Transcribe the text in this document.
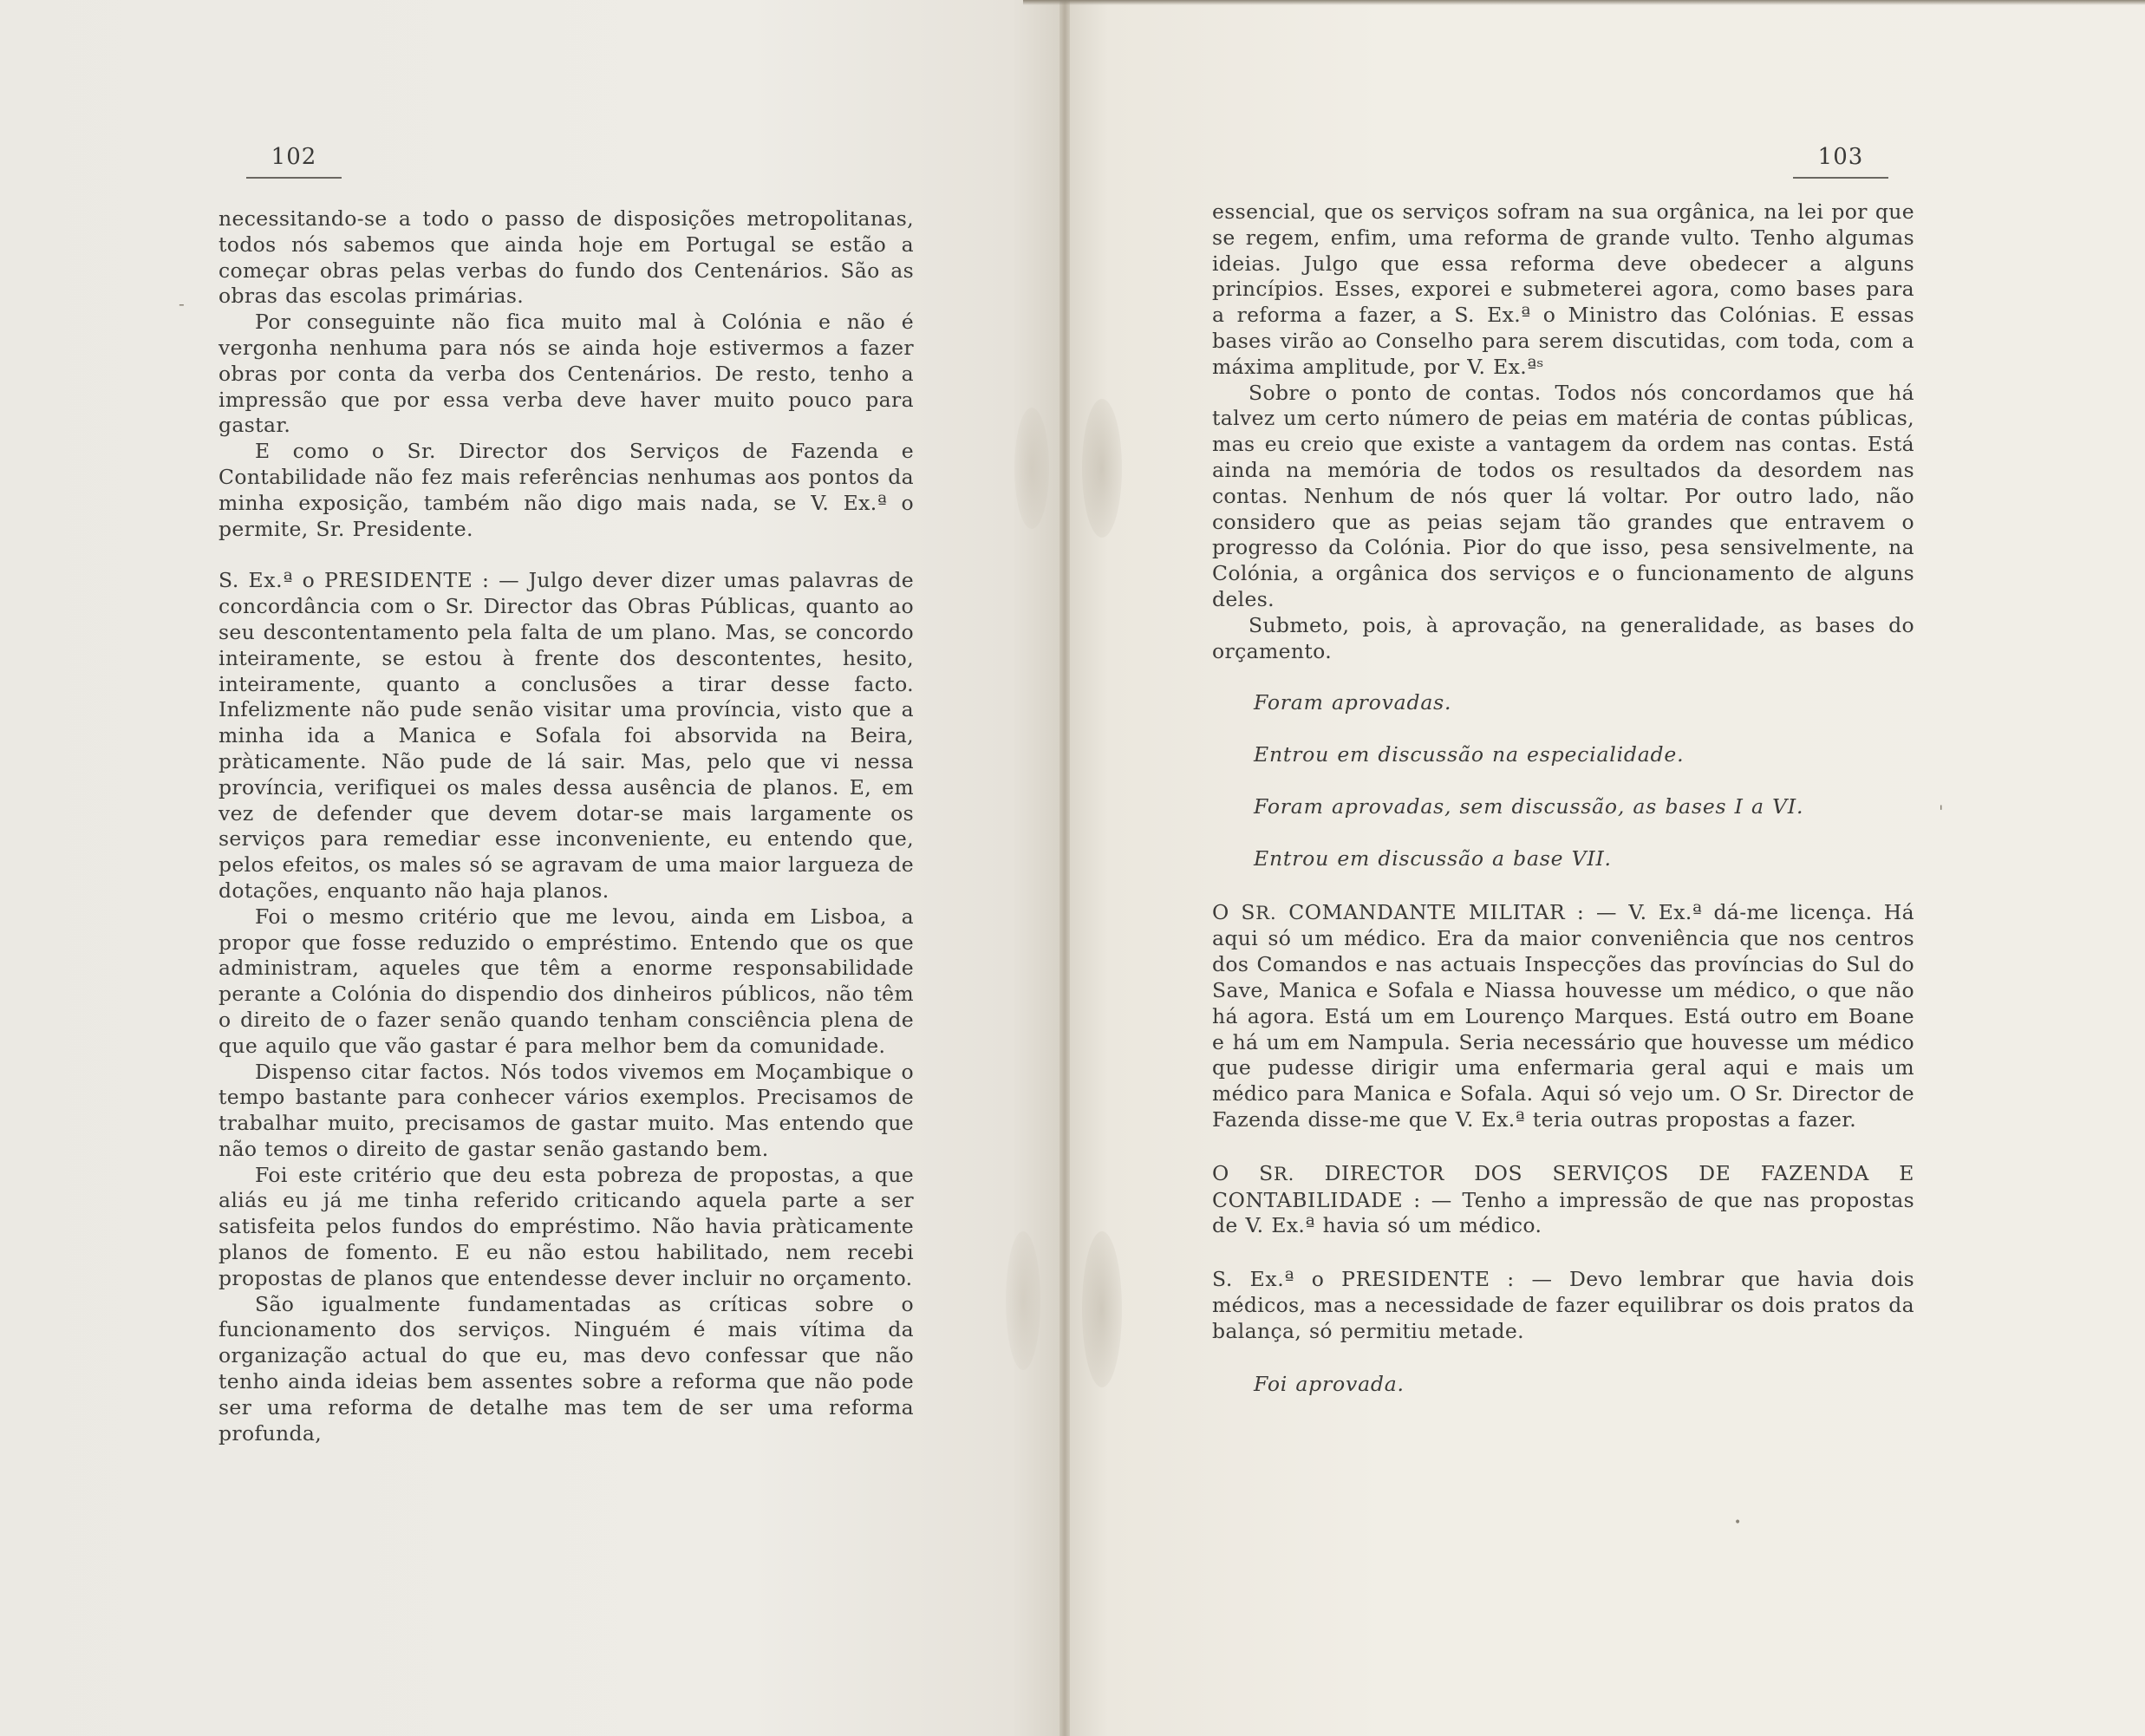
102

necessitando-se a todo o passo de disposições metropolitanas, todos nós sabemos que ainda hoje em Portugal se estão a começar obras pelas verbas do fundo dos Centenários. São as obras das escolas primárias.

Por conseguinte não fica muito mal à Colónia e não é vergonha nenhuma para nós se ainda hoje estivermos a fazer obras por conta da verba dos Centenários. De resto, tenho a impressão que por essa verba deve haver muito pouco para gastar.

E como o Sr. Director dos Serviços de Fazenda e Contabilidade não fez mais referências nenhumas aos pontos da minha exposição, também não digo mais nada, se V. Ex.ª o permite, Sr. Presidente.

S. Ex.ª o PRESIDENTE : — Julgo dever dizer umas palavras de concordância com o Sr. Director das Obras Públicas, quanto ao seu descontentamento pela falta de um plano. Mas, se concordo inteiramente, se estou à frente dos descontentes, hesito, inteiramente, quanto a conclusões a tirar desse facto. Infelizmente não pude senão visitar uma província, visto que a minha ida a Manica e Sofala foi absorvida na Beira, pràticamente. Não pude de lá sair. Mas, pelo que vi nessa província, verifiquei os males dessa ausência de planos. E, em vez de defender que devem dotar-se mais largamente os serviços para remediar esse inconveniente, eu entendo que, pelos efeitos, os males só se agravam de uma maior largueza de dotações, enquanto não haja planos.

Foi o mesmo critério que me levou, ainda em Lisboa, a propor que fosse reduzido o empréstimo. Entendo que os que administram, aqueles que têm a enorme responsabilidade perante a Colónia do dispendio dos dinheiros públicos, não têm o direito de o fazer senão quando tenham consciência plena de que aquilo que vão gastar é para melhor bem da comunidade.

Dispenso citar factos. Nós todos vivemos em Moçambique o tempo bastante para conhecer vários exemplos. Precisamos de trabalhar muito, precisamos de gastar muito. Mas entendo que não temos o direito de gastar senão gastando bem.

Foi este critério que deu esta pobreza de propostas, a que aliás eu já me tinha referido criticando aquela parte a ser satisfeita pelos fundos do empréstimo. Não havia pràticamente planos de fomento. E eu não estou habilitado, nem recebi propostas de planos que entendesse dever incluir no orçamento.

São igualmente fundamentadas as críticas sobre o funcionamento dos serviços. Ninguém é mais vítima da organização actual do que eu, mas devo confessar que não tenho ainda ideias bem assentes sobre a reforma que não pode ser uma reforma de detalhe mas tem de ser uma reforma profunda,

-
103

essencial, que os serviços sofram na sua orgânica, na lei por que se regem, enfim, uma reforma de grande vulto. Tenho algumas ideias. Julgo que essa reforma deve obedecer a alguns princípios. Esses, exporei e submeterei agora, como bases para a reforma a fazer, a S. Ex.ª o Ministro das Colónias. E essas bases virão ao Conselho para serem discutidas, com toda, com a máxima amplitude, por V. Ex.ªˢ

Sobre o ponto de contas. Todos nós concordamos que há talvez um certo número de peias em matéria de contas públicas, mas eu creio que existe a vantagem da ordem nas contas. Está ainda na memória de todos os resultados da desordem nas contas. Nenhum de nós quer lá voltar. Por outro lado, não considero que as peias sejam tão grandes que entravem o progresso da Colónia. Pior do que isso, pesa sensivelmente, na Colónia, a orgânica dos serviços e o funcionamento de alguns deles.

Submeto, pois, à aprovação, na generalidade, as bases do orçamento.

Foram aprovadas.

Entrou em discussão na especialidade.

Foram aprovadas, sem discussão, as bases I a VI.

Entrou em discussão a base VII.

O SR. COMANDANTE MILITAR : — V. Ex.ª dá-me licença. Há aqui só um médico. Era da maior conveniência que nos centros dos Comandos e nas actuais Inspecções das províncias do Sul do Save, Manica e Sofala e Niassa houvesse um médico, o que não há agora. Está um em Lourenço Marques. Está outro em Boane e há um em Nampula. Seria necessário que houvesse um médico que pudesse dirigir uma enfermaria geral aqui e mais um médico para Manica e Sofala. Aqui só vejo um. O Sr. Director de Fazenda disse-me que V. Ex.ª teria outras propostas a fazer.

O SR. DIRECTOR DOS SERVIÇOS DE FAZENDA E CONTABILIDADE : — Tenho a impressão de que nas propostas de V. Ex.ª havia só um médico.

S. Ex.ª o PRESIDENTE : — Devo lembrar que havia dois médicos, mas a necessidade de fazer equilibrar os dois pratos da balança, só permitiu metade.

Foi aprovada.

'
•
